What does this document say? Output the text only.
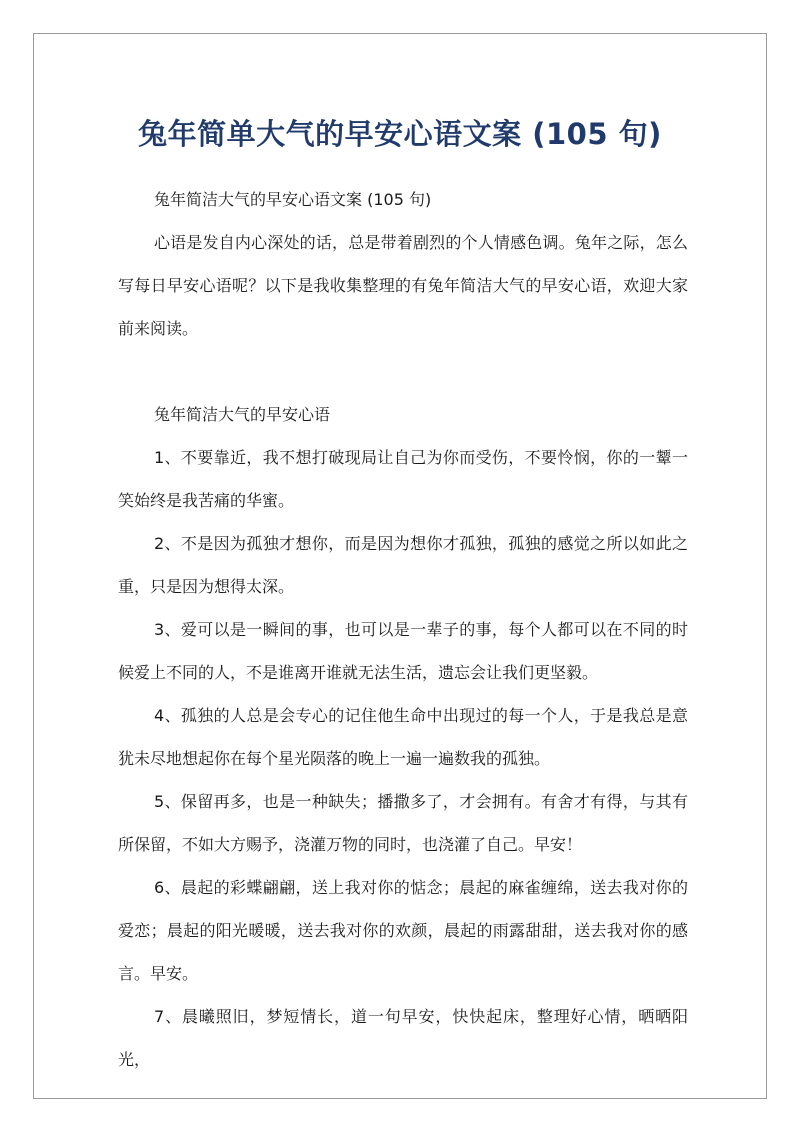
兔年简单大气的早安心语文案 (105 句)

兔年简洁大气的早安心语文案 (105 句)

心语是发自内心深处的话，总是带着剧烈的个人情感色调。兔年之际，怎么写每日早安心语呢？以下是我收集整理的有兔年简洁大气的早安心语，欢迎大家前来阅读。

兔年简洁大气的早安心语

1、不要靠近，我不想打破现局让自己为你而受伤，不要怜悯，你的一颦一笑始终是我苦痛的华蜜。

2、不是因为孤独才想你，而是因为想你才孤独，孤独的感觉之所以如此之重，只是因为想得太深。

3、爱可以是一瞬间的事，也可以是一辈子的事，每个人都可以在不同的时候爱上不同的人，不是谁离开谁就无法生活，遗忘会让我们更坚毅。

4、孤独的人总是会专心的记住他生命中出现过的每一个人，于是我总是意犹未尽地想起你在每个星光陨落的晚上一遍一遍数我的孤独。

5、保留再多，也是一种缺失；播撒多了，才会拥有。有舍才有得，与其有所保留，不如大方赐予，浇灌万物的同时，也浇灌了自己。早安！

6、晨起的彩蝶翩翩，送上我对你的惦念；晨起的麻雀缠绵，送去我对你的爱恋；晨起的阳光暖暖，送去我对你的欢颜，晨起的雨露甜甜，送去我对你的感言。早安。

7、晨曦照旧，梦短情长，道一句早安，快快起床，整理好心情，晒晒阳光，
